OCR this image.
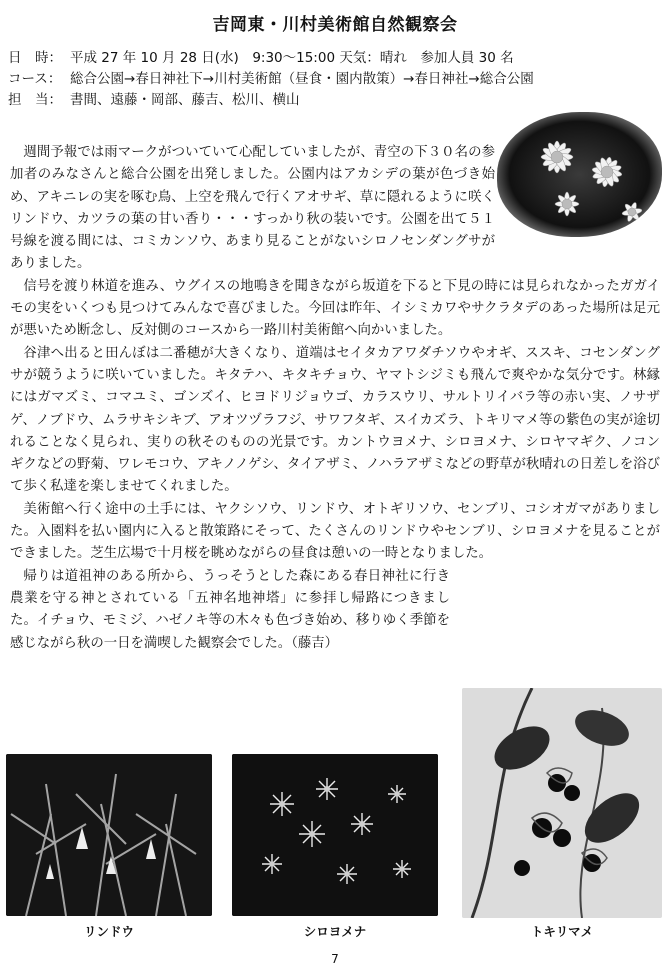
吉岡東・川村美術館自然観察会
日　時： 平成 27 年 10 月 28 日(水)　9:30～15:00 天気：晴れ　参加人員 30 名
コース： 総合公園→春日神社下→川村美術館（昼食・園内散策）→春日神社→総合公園
担　当： 書間、遠藤・岡部、藤吉、松川、横山

週間予報では雨マークがついていて心配していましたが、青空の下３０名の参加者のみなさんと総合公園を出発しました。公園内はアカシデの葉が色づき始め、アキニレの実を啄む鳥、上空を飛んで行くアオサギ、草に隠れるように咲くリンドウ、カツラの葉の甘い香り・・・すっかり秋の装いです。公園を出て５１号線を渡る間には、コミカンソウ、あまり見ることがないシロノセンダングサがありました。

信号を渡り林道を進み、ウグイスの地鳴きを聞きながら坂道を下ると下見の時には見られなかったガガイモの実をいくつも見つけてみんなで喜びました。今回は昨年、イシミカワやサクラタデのあった場所は足元が悪いため断念し、反対側のコースから一路川村美術館へ向かいました。

谷津へ出ると田んぼは二番穂が大きくなり、道端はセイタカアワダチソウやオギ、ススキ、コセンダングサが競うように咲いていました。キタテハ、キタキチョウ、ヤマトシジミも飛んで爽やかな気分です。林縁にはガマズミ、コマユミ、ゴンズイ、ヒヨドリジョウゴ、カラスウリ、サルトリイバラ等の赤い実、ノサザゲ、ノブドウ、ムラサキシキブ、アオツヅラフジ、サワフタギ、スイカズラ、トキリマメ等の紫色の実が途切れることなく見られ、実りの秋そのものの光景です。カントウヨメナ、シロヨメナ、シロヤマギク、ノコンギクなどの野菊、ワレモコウ、アキノノゲシ、タイアザミ、ノハラアザミなどの野草が秋晴れの日差しを浴びて歩く私達を楽しませてくれました。

美術館へ行く途中の土手には、ヤクシソウ、リンドウ、オトギリソウ、センブリ、コシオガマがありました。入園料を払い園内に入ると散策路にそって、たくさんのリンドウやセンブリ、シロヨメナを見ることができました。芝生広場で十月桜を眺めながらの昼食は憩いの一時となりました。

帰りは道祖神のある所から、うっそうとした森にある春日神社に行き農業を守る神とされている「五神名地神塔」に参拝し帰路につきました。イチョウ、モミジ、ハゼノキ等の木々も色づき始め、移りゆく季節を感じながら秋の一日を満喫した観察会でした。（藤吉）

リンドウ	シロヨメナ	トキリマメ
7
